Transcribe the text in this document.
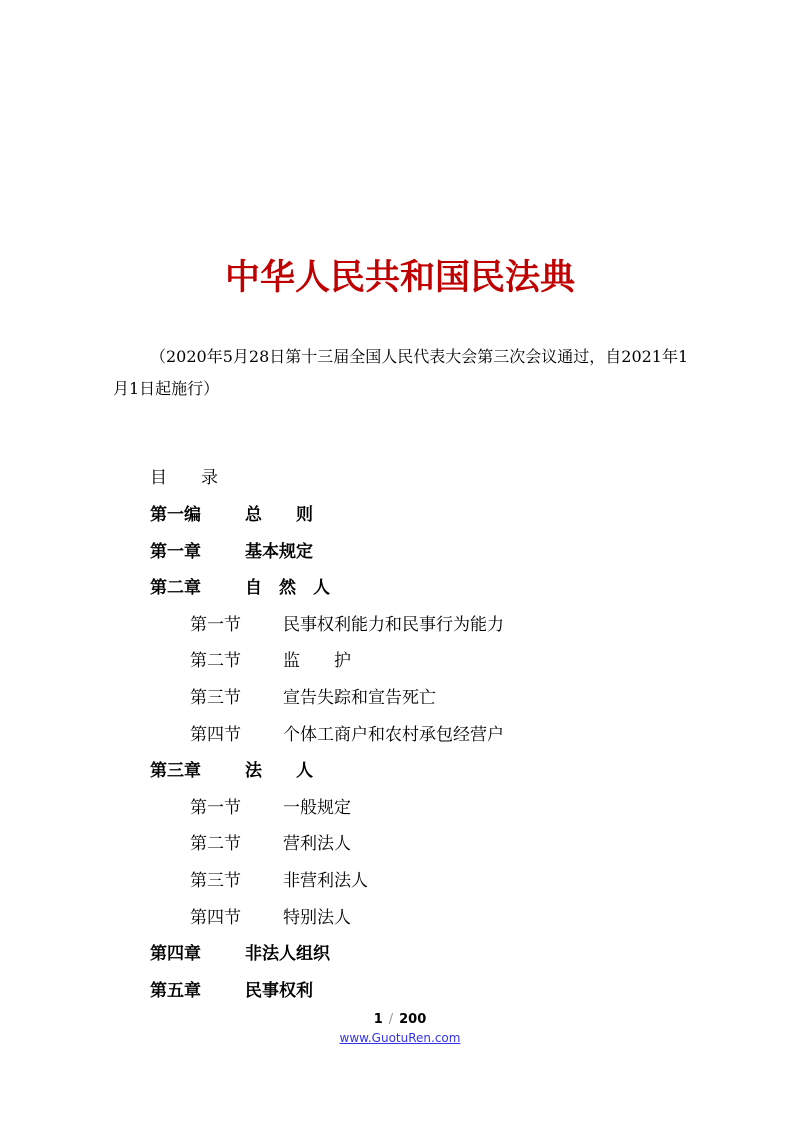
中华人民共和国民法典
（2020年5月28日第十三届全国人民代表大会第三次会议通过，自2021年1
月1日起施行）
目　　录
第一编	总　　则
第一章	基本规定
第二章	自　然　人
第一节	民事权利能力和民事行为能力
第二节	监　　护
第三节	宣告失踪和宣告死亡
第四节	个体工商户和农村承包经营户
第三章	法　　人
第一节	一般规定
第二节	营利法人
第三节	非营利法人
第四节	特别法人
第四章	非法人组织
第五章	民事权利
1 / 200
www.GuotuRen.com
